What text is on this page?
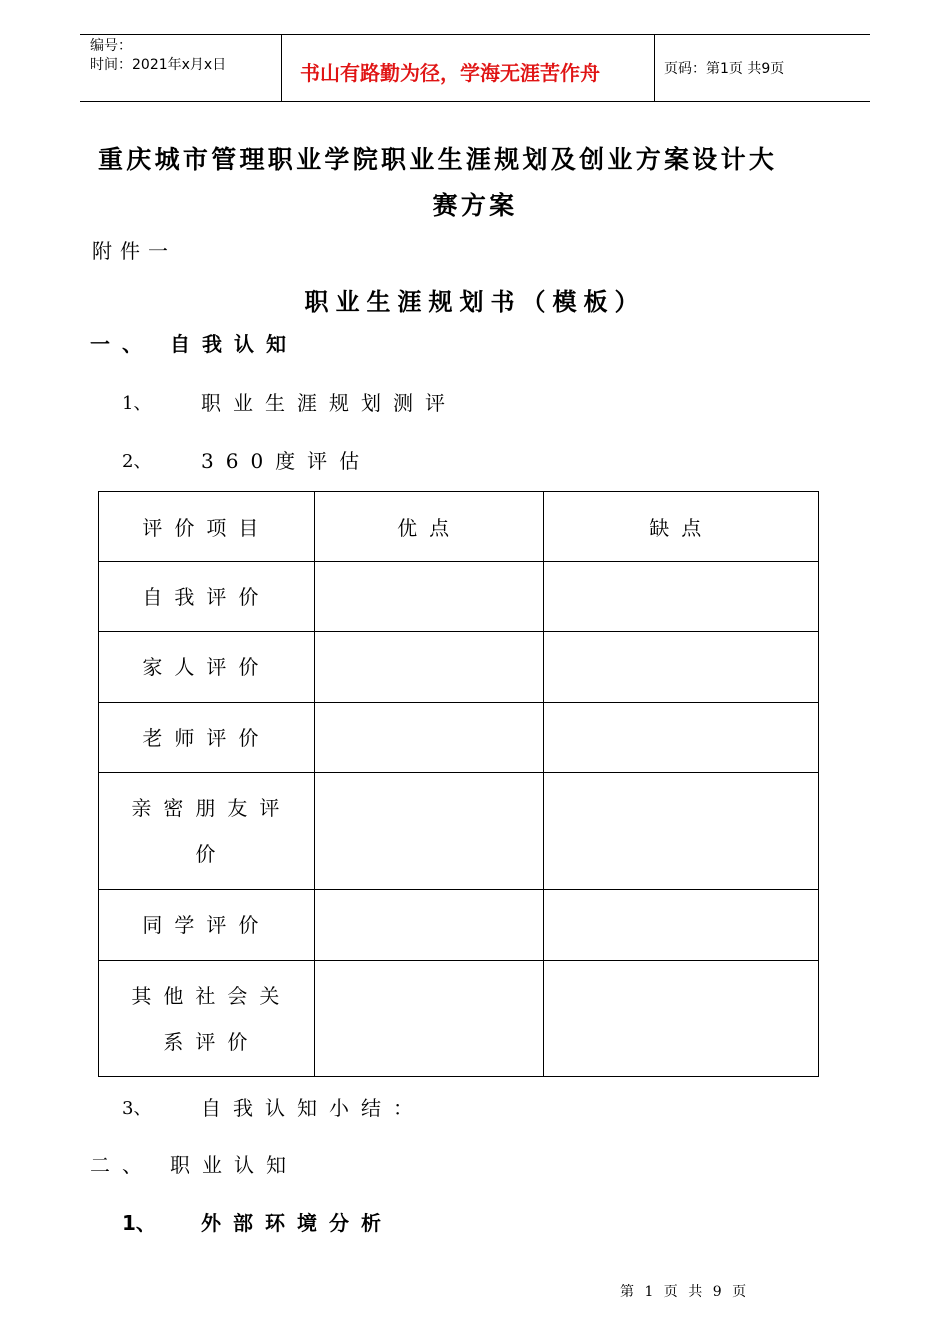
编号：
时间：2021年x月x日	书山有路勤为径，学海无涯苦作舟	页码：第1页 共9页
重庆城市管理职业学院职业生涯规划及创业方案设计大
赛方案
附件一
职业生涯规划书（模板）
一、 自我认知
1、 职业生涯规划测评
2、 360度评估
评价项目	优点	缺点
自我评价		
家人评价		
老师评价		
亲密朋友评价		
同学评价		
其他社会关系评价		
3、 自我认知小结：
二、 职业认知
1、 外部环境分析
第 1 页 共 9 页
